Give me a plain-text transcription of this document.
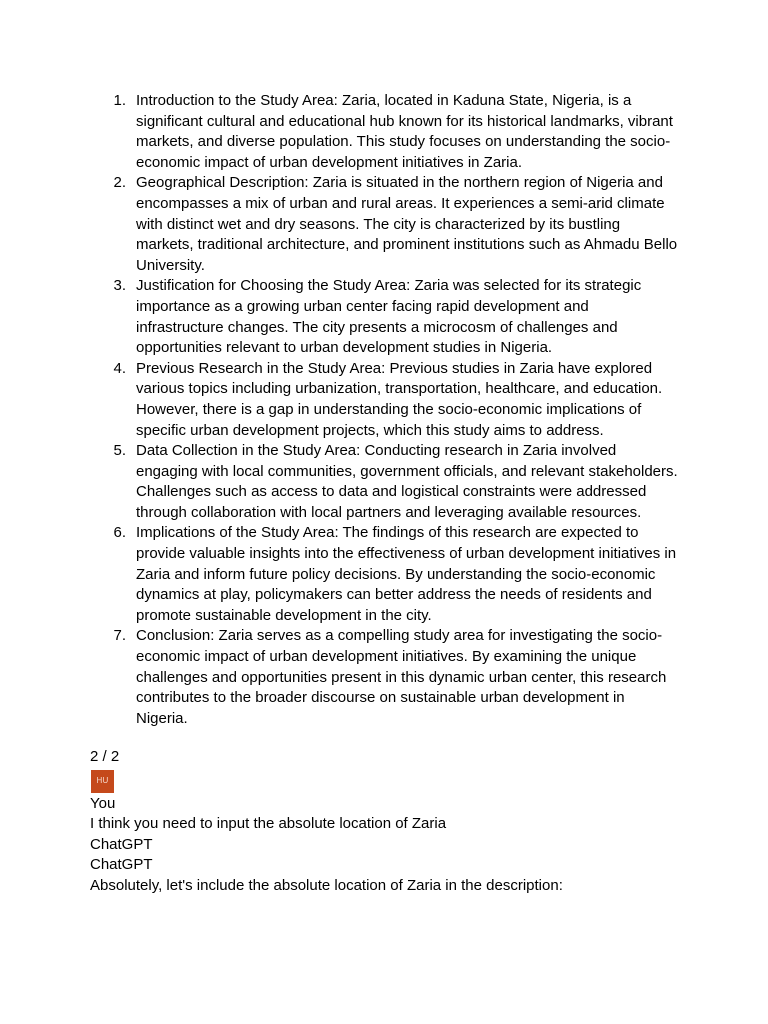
1. Introduction to the Study Area: Zaria, located in Kaduna State, Nigeria, is a significant cultural and educational hub known for its historical landmarks, vibrant markets, and diverse population. This study focuses on understanding the socio-economic impact of urban development initiatives in Zaria.
2. Geographical Description: Zaria is situated in the northern region of Nigeria and encompasses a mix of urban and rural areas. It experiences a semi-arid climate with distinct wet and dry seasons. The city is characterized by its bustling markets, traditional architecture, and prominent institutions such as Ahmadu Bello University.
3. Justification for Choosing the Study Area: Zaria was selected for its strategic importance as a growing urban center facing rapid development and infrastructure changes. The city presents a microcosm of challenges and opportunities relevant to urban development studies in Nigeria.
4. Previous Research in the Study Area: Previous studies in Zaria have explored various topics including urbanization, transportation, healthcare, and education. However, there is a gap in understanding the socio-economic implications of specific urban development projects, which this study aims to address.
5. Data Collection in the Study Area: Conducting research in Zaria involved engaging with local communities, government officials, and relevant stakeholders. Challenges such as access to data and logistical constraints were addressed through collaboration with local partners and leveraging available resources.
6. Implications of the Study Area: The findings of this research are expected to provide valuable insights into the effectiveness of urban development initiatives in Zaria and inform future policy decisions. By understanding the socio-economic dynamics at play, policymakers can better address the needs of residents and promote sustainable development in the city.
7. Conclusion: Zaria serves as a compelling study area for investigating the socio-economic impact of urban development initiatives. By examining the unique challenges and opportunities present in this dynamic urban center, this research contributes to the broader discourse on sustainable urban development in Nigeria.
2 / 2
HU
You
I think you need to input the absolute location of Zaria
ChatGPT
ChatGPT
Absolutely, let's include the absolute location of Zaria in the description:
